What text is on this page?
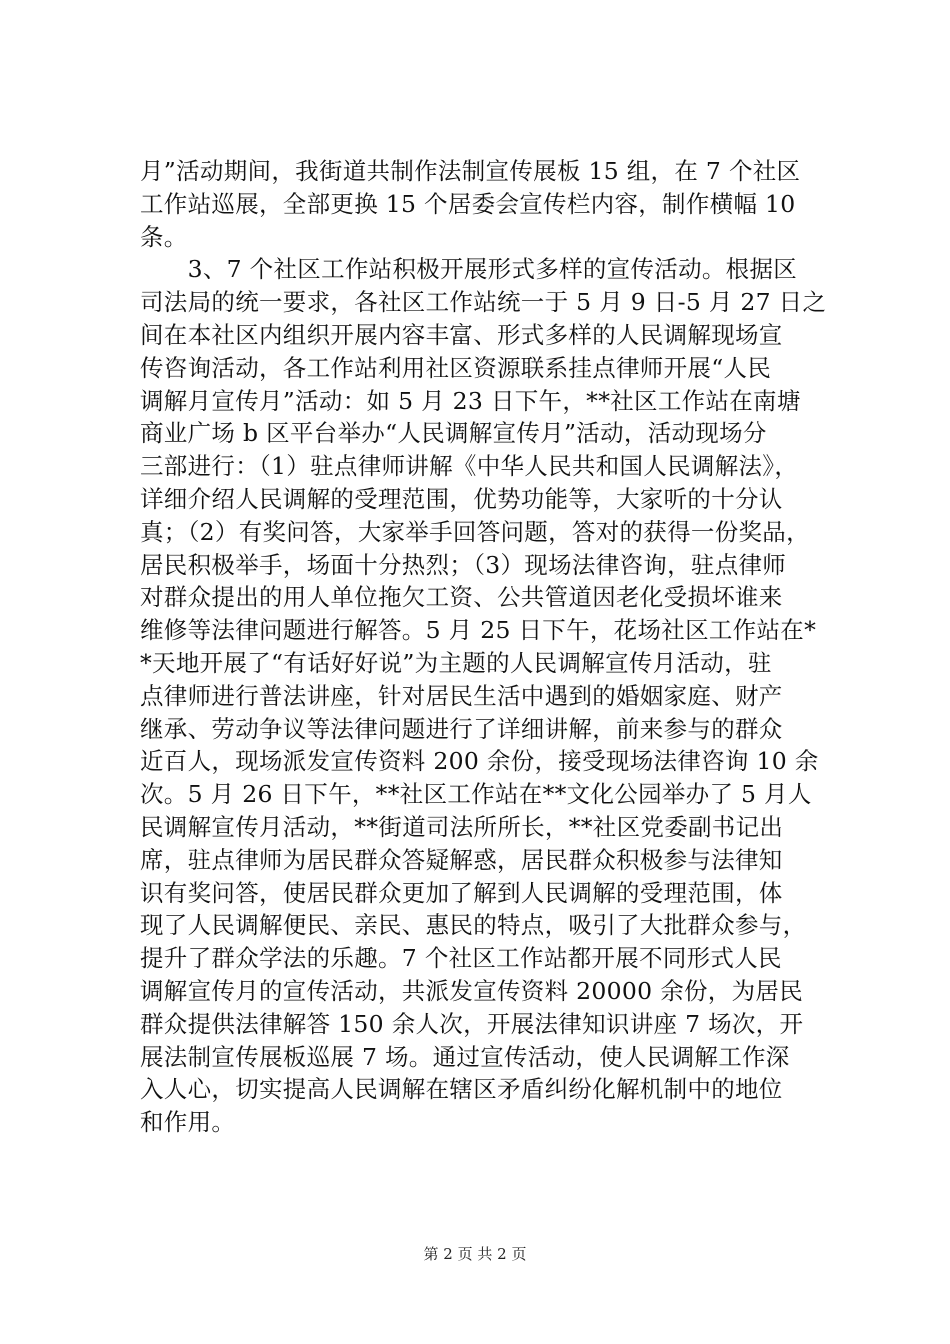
月”活动期间，我街道共制作法制宣传展板 15 组，在 7 个社区
工作站巡展，全部更换 15 个居委会宣传栏内容，制作横幅 10
条。
　　3、7 个社区工作站积极开展形式多样的宣传活动。根据区
司法局的统一要求，各社区工作站统一于 5 月 9 日-5 月 27 日之
间在本社区内组织开展内容丰富、形式多样的人民调解现场宣
传咨询活动，各工作站利用社区资源联系挂点律师开展“人民
调解月宣传月”活动：如 5 月 23 日下午，**社区工作站在南塘
商业广场 b 区平台举办“人民调解宣传月”活动，活动现场分
三部进行：（1）驻点律师讲解《中华人民共和国人民调解法》，
详细介绍人民调解的受理范围，优势功能等，大家听的十分认
真；（2）有奖问答，大家举手回答问题，答对的获得一份奖品，
居民积极举手，场面十分热烈；（3）现场法律咨询，驻点律师
对群众提出的用人单位拖欠工资、公共管道因老化受损坏谁来
维修等法律问题进行解答。5 月 25 日下午，花场社区工作站在*
*天地开展了“有话好好说”为主题的人民调解宣传月活动，驻
点律师进行普法讲座，针对居民生活中遇到的婚姻家庭、财产
继承、劳动争议等法律问题进行了详细讲解，前来参与的群众
近百人，现场派发宣传资料 200 余份，接受现场法律咨询 10 余
次。5 月 26 日下午，**社区工作站在**文化公园举办了 5 月人
民调解宣传月活动，**街道司法所所长，**社区党委副书记出
席，驻点律师为居民群众答疑解惑，居民群众积极参与法律知
识有奖问答，使居民群众更加了解到人民调解的受理范围，体
现了人民调解便民、亲民、惠民的特点，吸引了大批群众参与，
提升了群众学法的乐趣。7 个社区工作站都开展不同形式人民
调解宣传月的宣传活动，共派发宣传资料 20000 余份，为居民
群众提供法律解答 150 余人次，开展法律知识讲座 7 场次，开
展法制宣传展板巡展 7 场。通过宣传活动，使人民调解工作深
入人心，切实提高人民调解在辖区矛盾纠纷化解机制中的地位
和作用。
第 2 页 共 2 页
